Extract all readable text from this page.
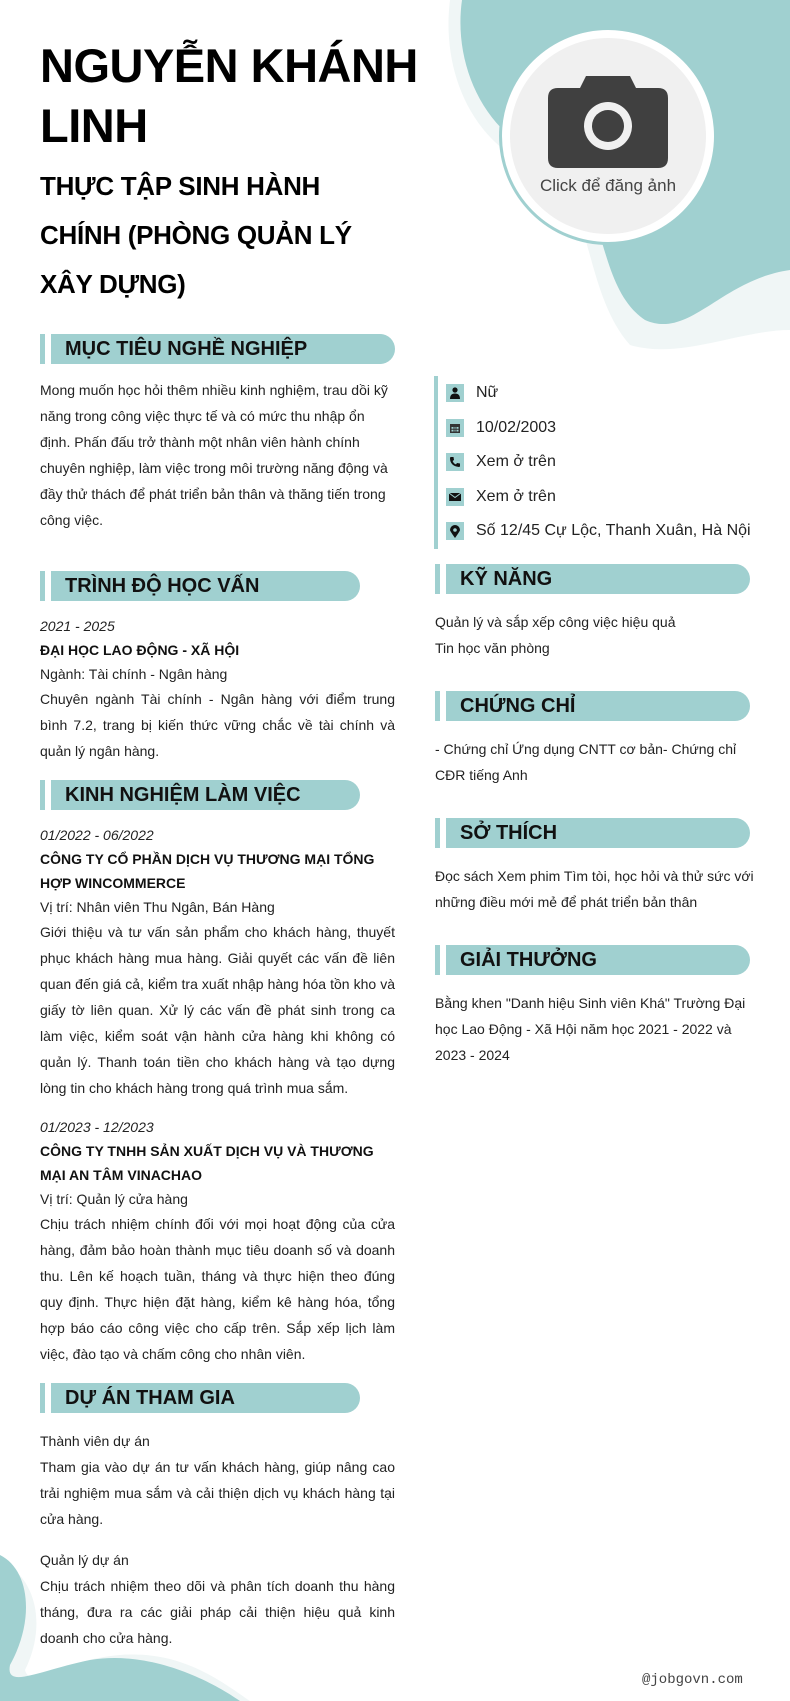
NGUYỄN KHÁNH LINH
THỰC TẬP SINH HÀNH CHÍNH (PHÒNG QUẢN LÝ XÂY DỰNG)
Click để đăng ảnh
MỤC TIÊU NGHỀ NGHIỆP
Mong muốn học hỏi thêm nhiều kinh nghiệm, trau dồi kỹ năng trong công việc thực tế và có mức thu nhập ổn định. Phấn đấu trở thành một nhân viên hành chính chuyên nghiệp, làm việc trong môi trường năng động và đầy thử thách để phát triển bản thân và thăng tiến trong công việc.
TRÌNH ĐỘ HỌC VẤN
2021 - 2025
ĐẠI HỌC LAO ĐỘNG - XÃ HỘI
Ngành: Tài chính - Ngân hàng
Chuyên ngành Tài chính - Ngân hàng với điểm trung bình 7.2, trang bị kiến thức vững chắc về tài chính và quản lý ngân hàng.
KINH NGHIỆM LÀM VIỆC
01/2022 - 06/2022
CÔNG TY CỔ PHẦN DỊCH VỤ THƯƠNG MẠI TỔNG HỢP WINCOMMERCE
Vị trí: Nhân viên Thu Ngân, Bán Hàng
Giới thiệu và tư vấn sản phẩm cho khách hàng, thuyết phục khách hàng mua hàng. Giải quyết các vấn đề liên quan đến giá cả, kiểm tra xuất nhập hàng hóa tồn kho và giấy tờ liên quan. Xử lý các vấn đề phát sinh trong ca làm việc, kiểm soát vận hành cửa hàng khi không có quản lý. Thanh toán tiền cho khách hàng và tạo dựng lòng tin cho khách hàng trong quá trình mua sắm.
01/2023 - 12/2023
CÔNG TY TNHH SẢN XUẤT DỊCH VỤ VÀ THƯƠNG MẠI AN TÂM VINACHAO
Vị trí: Quản lý cửa hàng
Chịu trách nhiệm chính đối với mọi hoạt động của cửa hàng, đảm bảo hoàn thành mục tiêu doanh số và doanh thu. Lên kế hoạch tuần, tháng và thực hiện theo đúng quy định. Thực hiện đặt hàng, kiểm kê hàng hóa, tổng hợp báo cáo công việc cho cấp trên. Sắp xếp lịch làm việc, đào tạo và chấm công cho nhân viên.
DỰ ÁN THAM GIA
Thành viên dự án
Tham gia vào dự án tư vấn khách hàng, giúp nâng cao trải nghiệm mua sắm và cải thiện dịch vụ khách hàng tại cửa hàng.
Quản lý dự án
Chịu trách nhiệm theo dõi và phân tích doanh thu hàng tháng, đưa ra các giải pháp cải thiện hiệu quả kinh doanh cho cửa hàng.
Nữ
10/02/2003
Xem ở trên
Xem ở trên
Số 12/45 Cự Lộc, Thanh Xuân, Hà Nội
KỸ NĂNG
Quản lý và sắp xếp công việc hiệu quả
Tin học văn phòng
CHỨNG CHỈ
- Chứng chỉ Ứng dụng CNTT cơ bản- Chứng chỉ CĐR tiếng Anh
SỞ THÍCH
Đọc sách Xem phim Tìm tòi, học hỏi và thử sức với những điều mới mẻ để phát triển bản thân
GIẢI THƯỞNG
Bằng khen "Danh hiệu Sinh viên Khá" Trường Đại học Lao Động - Xã Hội năm học 2021 - 2022 và 2023 - 2024
@jobgovn.com
